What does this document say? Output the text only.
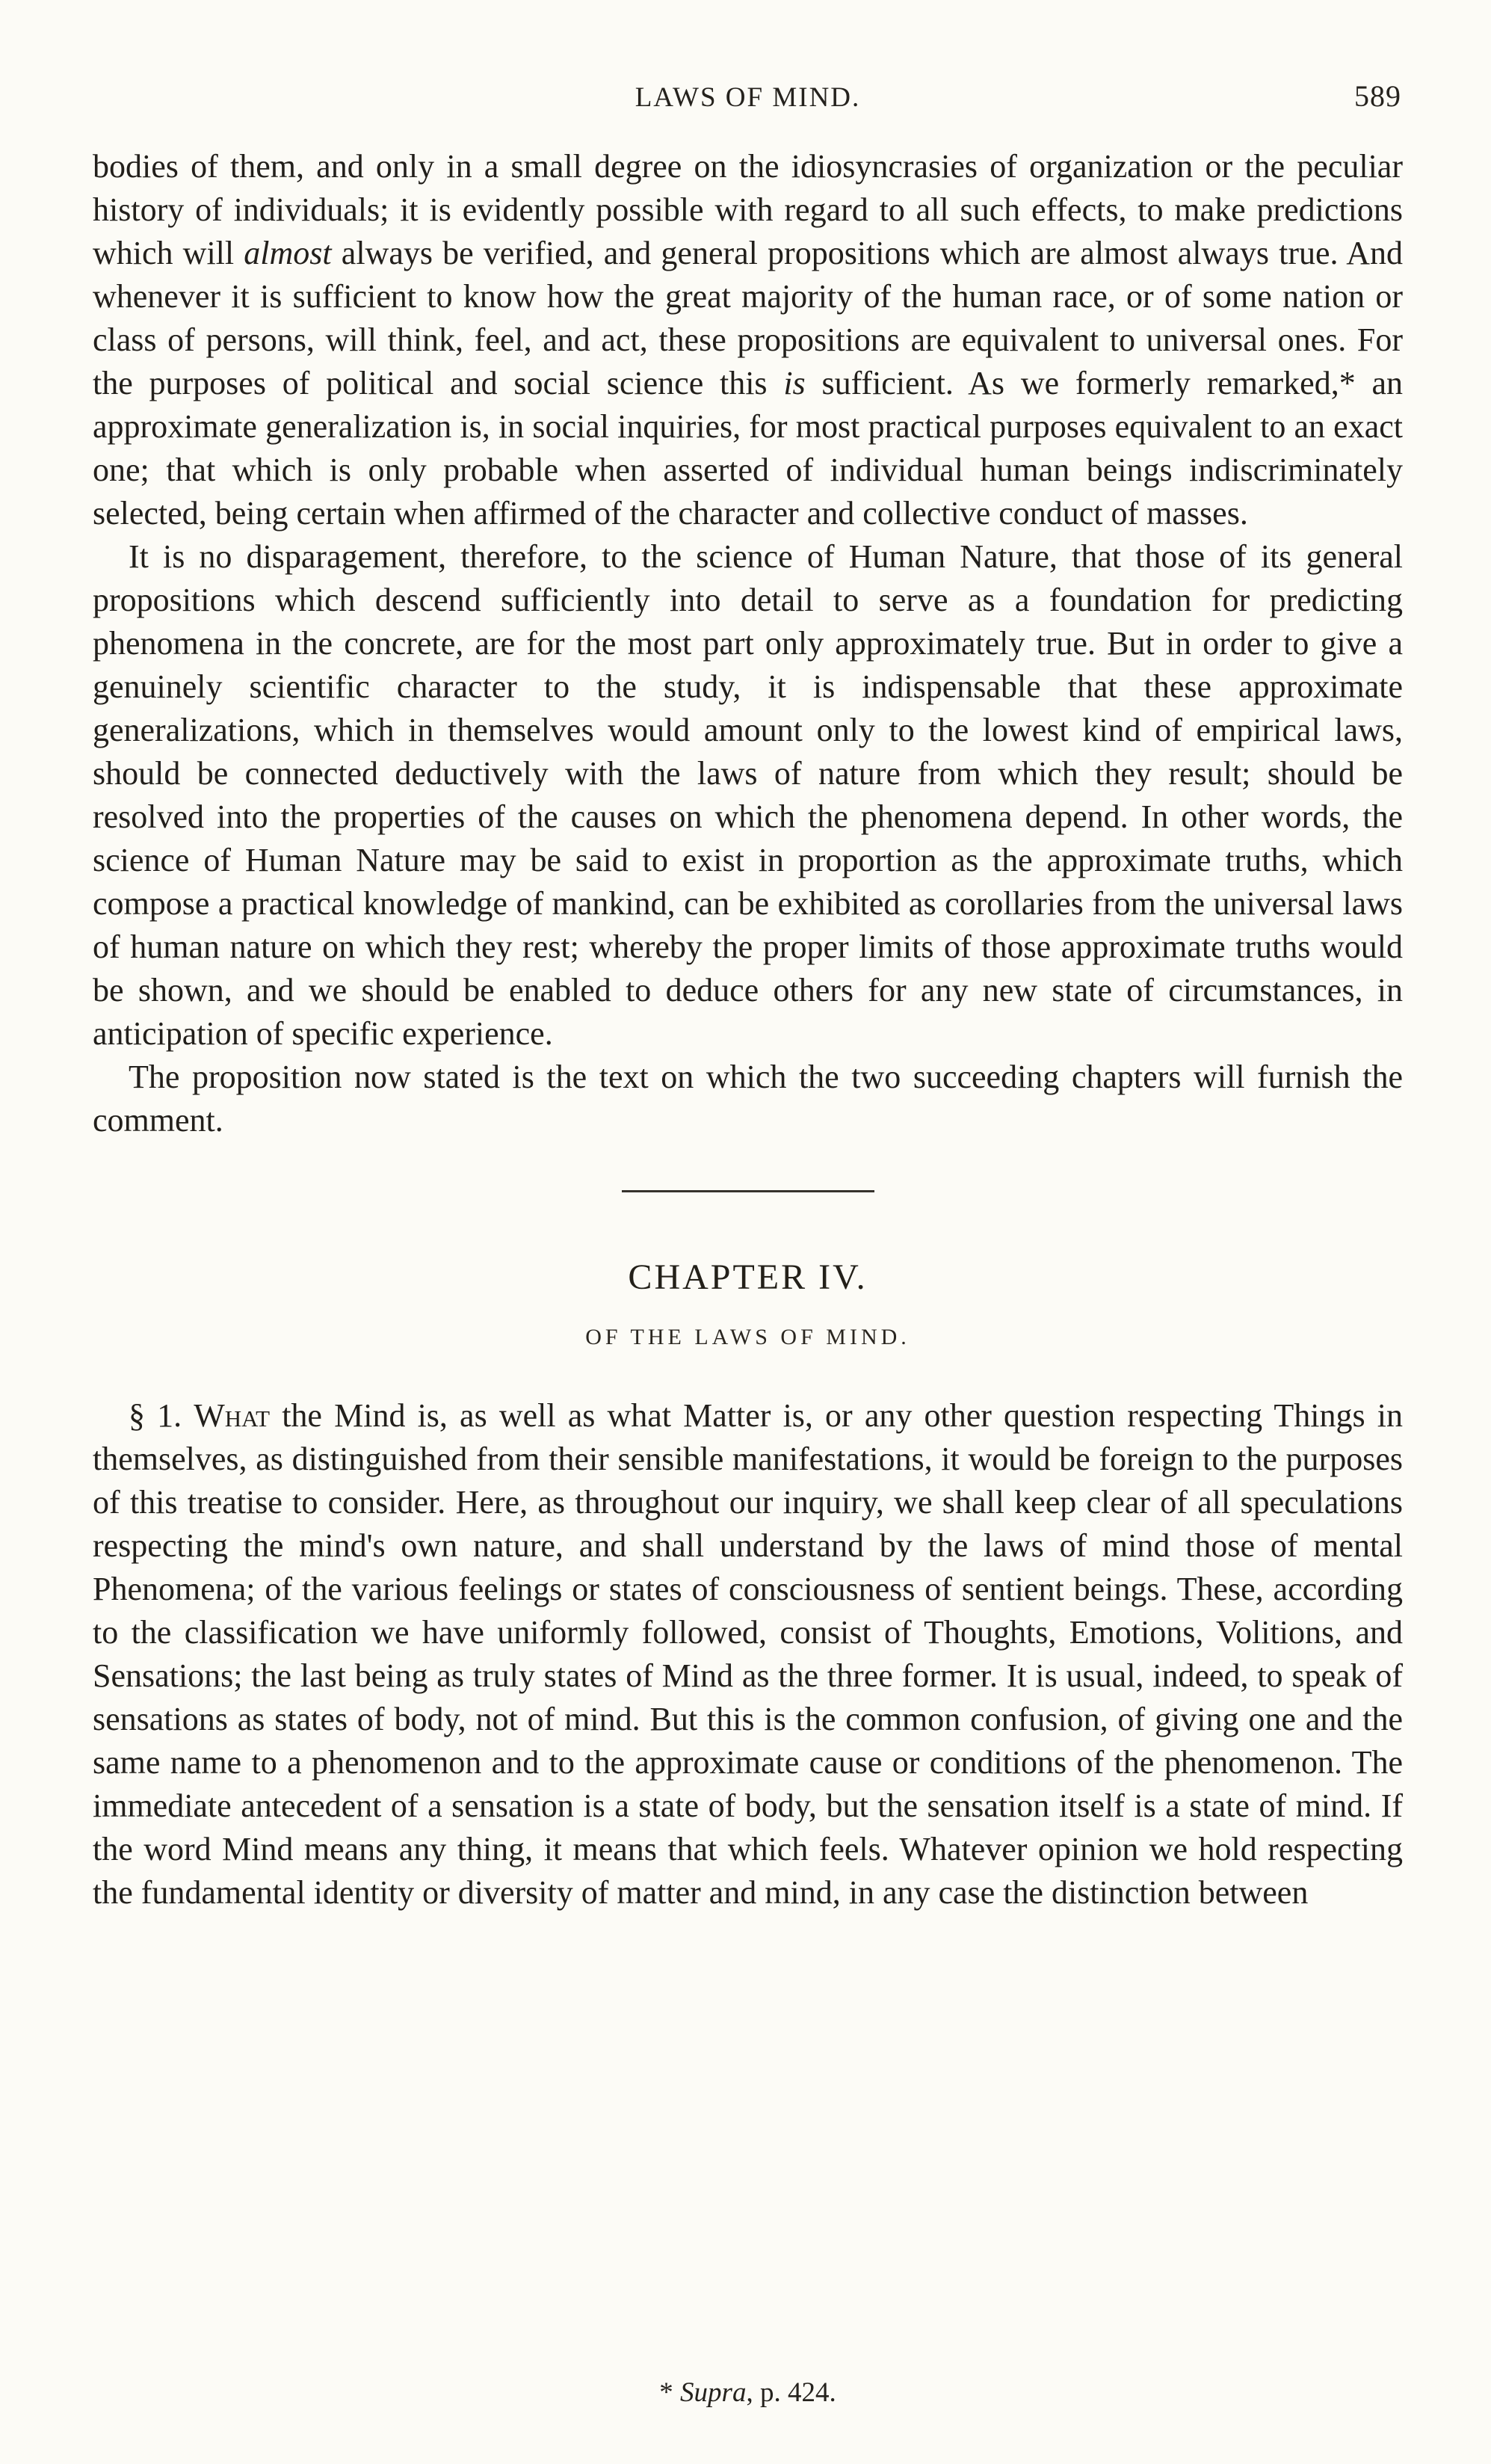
LAWS OF MIND.	589

bodies of them, and only in a small degree on the idiosyncrasies of organization or the peculiar history of individuals; it is evidently possible with regard to all such effects, to make predictions which will almost always be verified, and general propositions which are almost always true. And whenever it is sufficient to know how the great majority of the human race, or of some nation or class of persons, will think, feel, and act, these propositions are equivalent to universal ones. For the purposes of political and social science this is sufficient. As we formerly remarked,* an approximate generalization is, in social inquiries, for most practical purposes equivalent to an exact one; that which is only probable when asserted of individual human beings indiscriminately selected, being certain when affirmed of the character and collective conduct of masses.

It is no disparagement, therefore, to the science of Human Nature, that those of its general propositions which descend sufficiently into detail to serve as a foundation for predicting phenomena in the concrete, are for the most part only approximately true. But in order to give a genuinely scientific character to the study, it is indispensable that these approximate generalizations, which in themselves would amount only to the lowest kind of empirical laws, should be connected deductively with the laws of nature from which they result; should be resolved into the properties of the causes on which the phenomena depend. In other words, the science of Human Nature may be said to exist in proportion as the approximate truths, which compose a practical knowledge of mankind, can be exhibited as corollaries from the universal laws of human nature on which they rest; whereby the proper limits of those approximate truths would be shown, and we should be enabled to deduce others for any new state of circumstances, in anticipation of specific experience.

The proposition now stated is the text on which the two succeeding chapters will furnish the comment.

CHAPTER IV.
OF THE LAWS OF MIND.

§ 1. What the Mind is, as well as what Matter is, or any other question respecting Things in themselves, as distinguished from their sensible manifestations, it would be foreign to the purposes of this treatise to consider. Here, as throughout our inquiry, we shall keep clear of all speculations respecting the mind's own nature, and shall understand by the laws of mind those of mental Phenomena; of the various feelings or states of consciousness of sentient beings. These, according to the classification we have uniformly followed, consist of Thoughts, Emotions, Volitions, and Sensations; the last being as truly states of Mind as the three former. It is usual, indeed, to speak of sensations as states of body, not of mind. But this is the common confusion, of giving one and the same name to a phenomenon and to the approximate cause or conditions of the phenomenon. The immediate antecedent of a sensation is a state of body, but the sensation itself is a state of mind. If the word Mind means any thing, it means that which feels. Whatever opinion we hold respecting the fundamental identity or diversity of matter and mind, in any case the distinction between

* Supra, p. 424.
